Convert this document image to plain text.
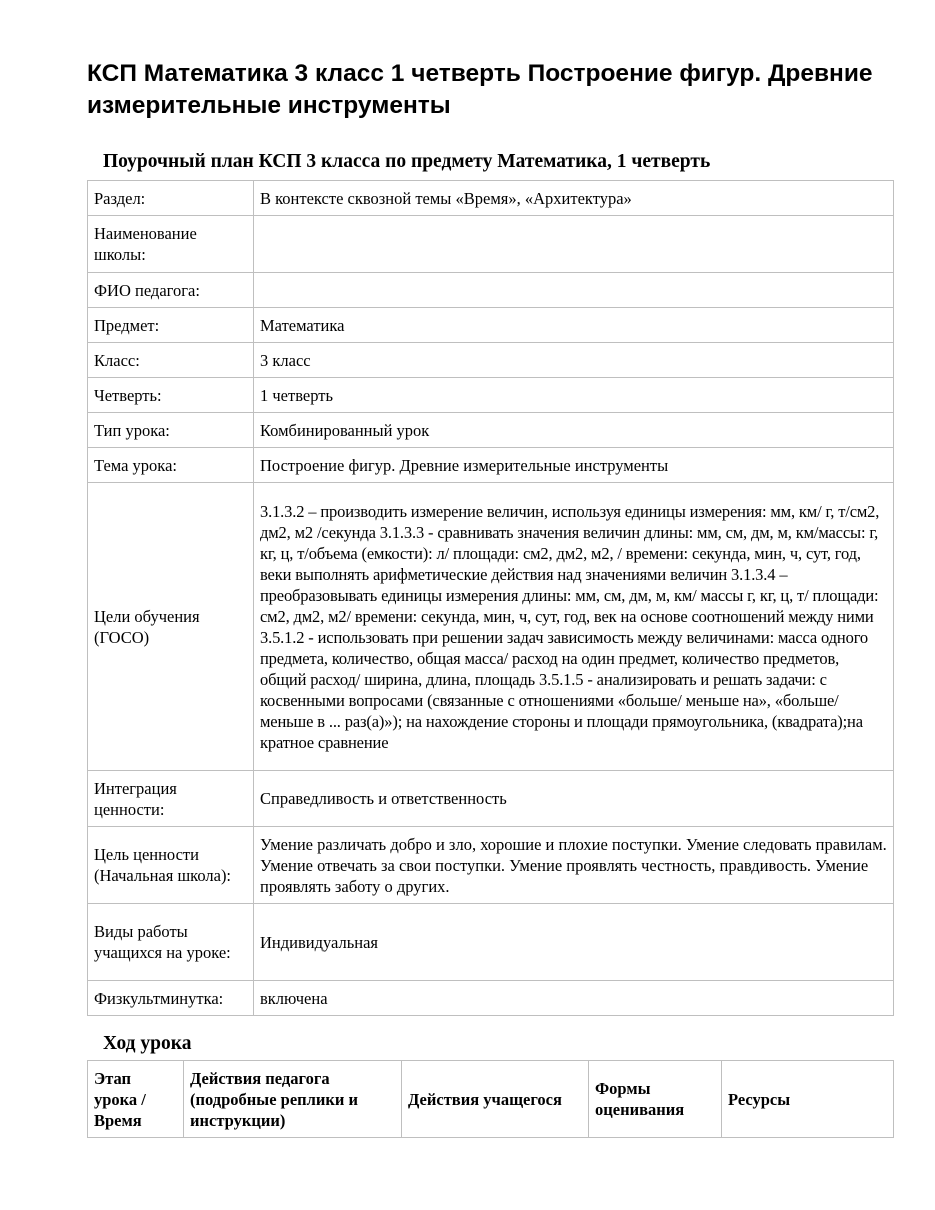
КСП Математика 3 класс 1 четверть Построение фигур. Древние измерительные инструменты
Поурочный план КСП 3 класса по предмету Математика, 1 четверть
Раздел:	В контексте сквозной темы «Время», «Архитектура»
Наименование школы:	
ФИО педагога:	
Предмет:	Математика
Класс:	3 класс
Четверть:	1 четверть
Тип урока:	Комбинированный урок
Тема урока:	Построение фигур. Древние измерительные инструменты
Цели обучения (ГОСО)	3.1.3.2 – производить измерение величин, используя единицы измерения: мм, км/ г, т/см2, дм2, м2 /секунда 3.1.3.3 - сравнивать значения величин длины: мм, см, дм, м, км/массы: г, кг, ц, т/объема (емкости): л/ площади: см2, дм2, м2, / времени: секунда, мин, ч, сут, год, веки выполнять арифметические действия над значениями величин 3.1.3.4 – преобразовывать единицы измерения длины: мм, см, дм, м, км/ массы г, кг, ц, т/ площади: см2, дм2, м2/ времени: секунда, мин, ч, сут, год, век на основе соотношений между ними 3.5.1.2 - использовать при решении задач зависимость между величинами: масса одного предмета, количество, общая масса/ расход на один предмет, количество предметов, общий расход/ ширина, длина, площадь 3.5.1.5 - анализировать и решать задачи: с косвенными вопросами (связанные с отношениями «больше/ меньше на», «больше/ меньше в ... раз(а)»); на нахождение стороны и площади прямоугольника, (квадрата);на кратное сравнение
Интеграция ценности:	Справедливость и ответственность
Цель ценности (Начальная школа):	Умение различать добро и зло, хорошие и плохие поступки. Умение следовать правилам. Умение отвечать за свои поступки. Умение проявлять честность, правдивость. Умение проявлять заботу о других.
Виды работы учащихся на уроке:	Индивидуальная
Физкультминутка:	включена
Ход урока
Этап урока / Время	Действия педагога (подробные реплики и инструкции)	Действия учащегося	Формы оценивания	Ресурсы
